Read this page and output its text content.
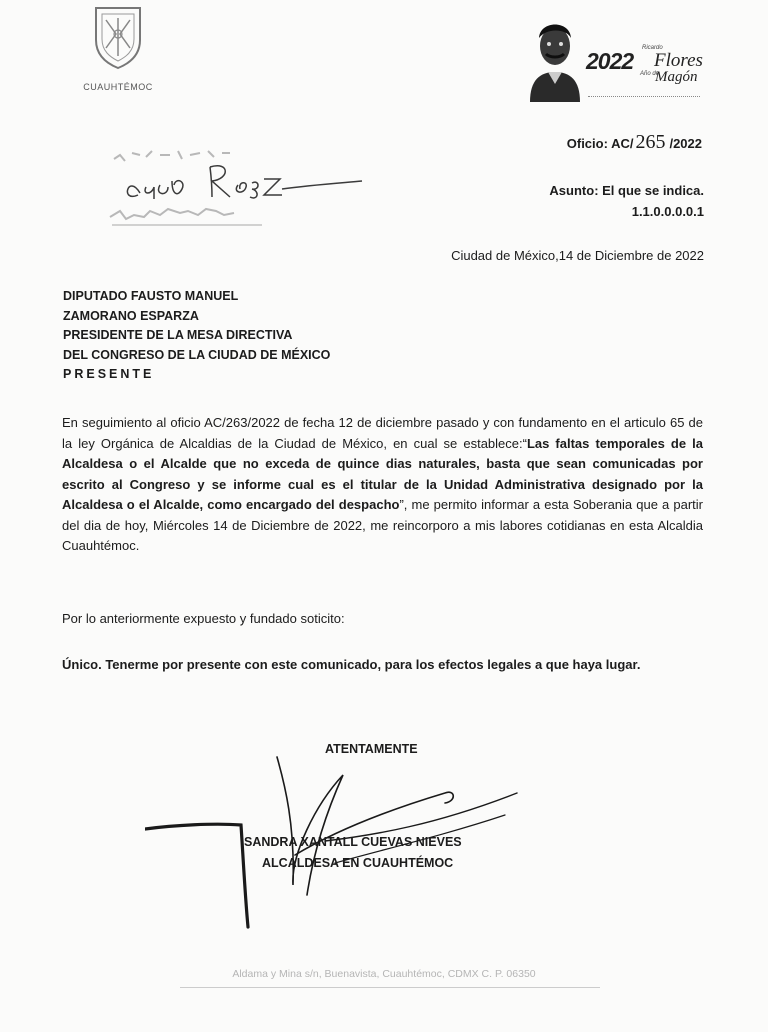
CUAUHTÉMOC
2022 Ricardo
Flores
Año de
Magón
Oficio: AC/ 265 /2022
Asunto: El que se indica.
1.1.0.0.0.0.1
Ciudad de México,14 de Diciembre de 2022
DIPUTADO FAUSTO MANUEL
ZAMORANO ESPARZA
PRESIDENTE DE LA MESA DIRECTIVA
DEL CONGRESO DE LA CIUDAD DE MÉXICO
PRESENTE
En seguimiento al oficio AC/263/2022 de fecha 12 de diciembre pasado y con fundamento en el articulo 65 de la ley Orgánica de Alcaldias de la Ciudad de México, en cual se establece:“Las faltas temporales de la Alcaldesa o el Alcalde que no exceda de quince dias naturales, basta que sean comunicadas por escrito al Congreso y se informe cual es el titular de la Unidad Administrativa designado por la Alcaldesa o el Alcalde, como encargado del despacho”, me permito informar a esta Soberania que a partir del dia de hoy, Miércoles 14 de Diciembre de 2022, me reincorporo a mis labores cotidianas en esta Alcaldia Cuauhtémoc.
Por lo anteriormente expuesto y fundado soticito:
Único. Tenerme por presente con este comunicado, para los efectos legales a que haya lugar.
ATENTAMENTE
SANDRA XANTALL CUEVAS NIEVES
ALCALDESA EN CUAUHTÉMOC
Aldama y Mina s/n, Buenavista, Cuauhtémoc, CDMX C. P. 06350
